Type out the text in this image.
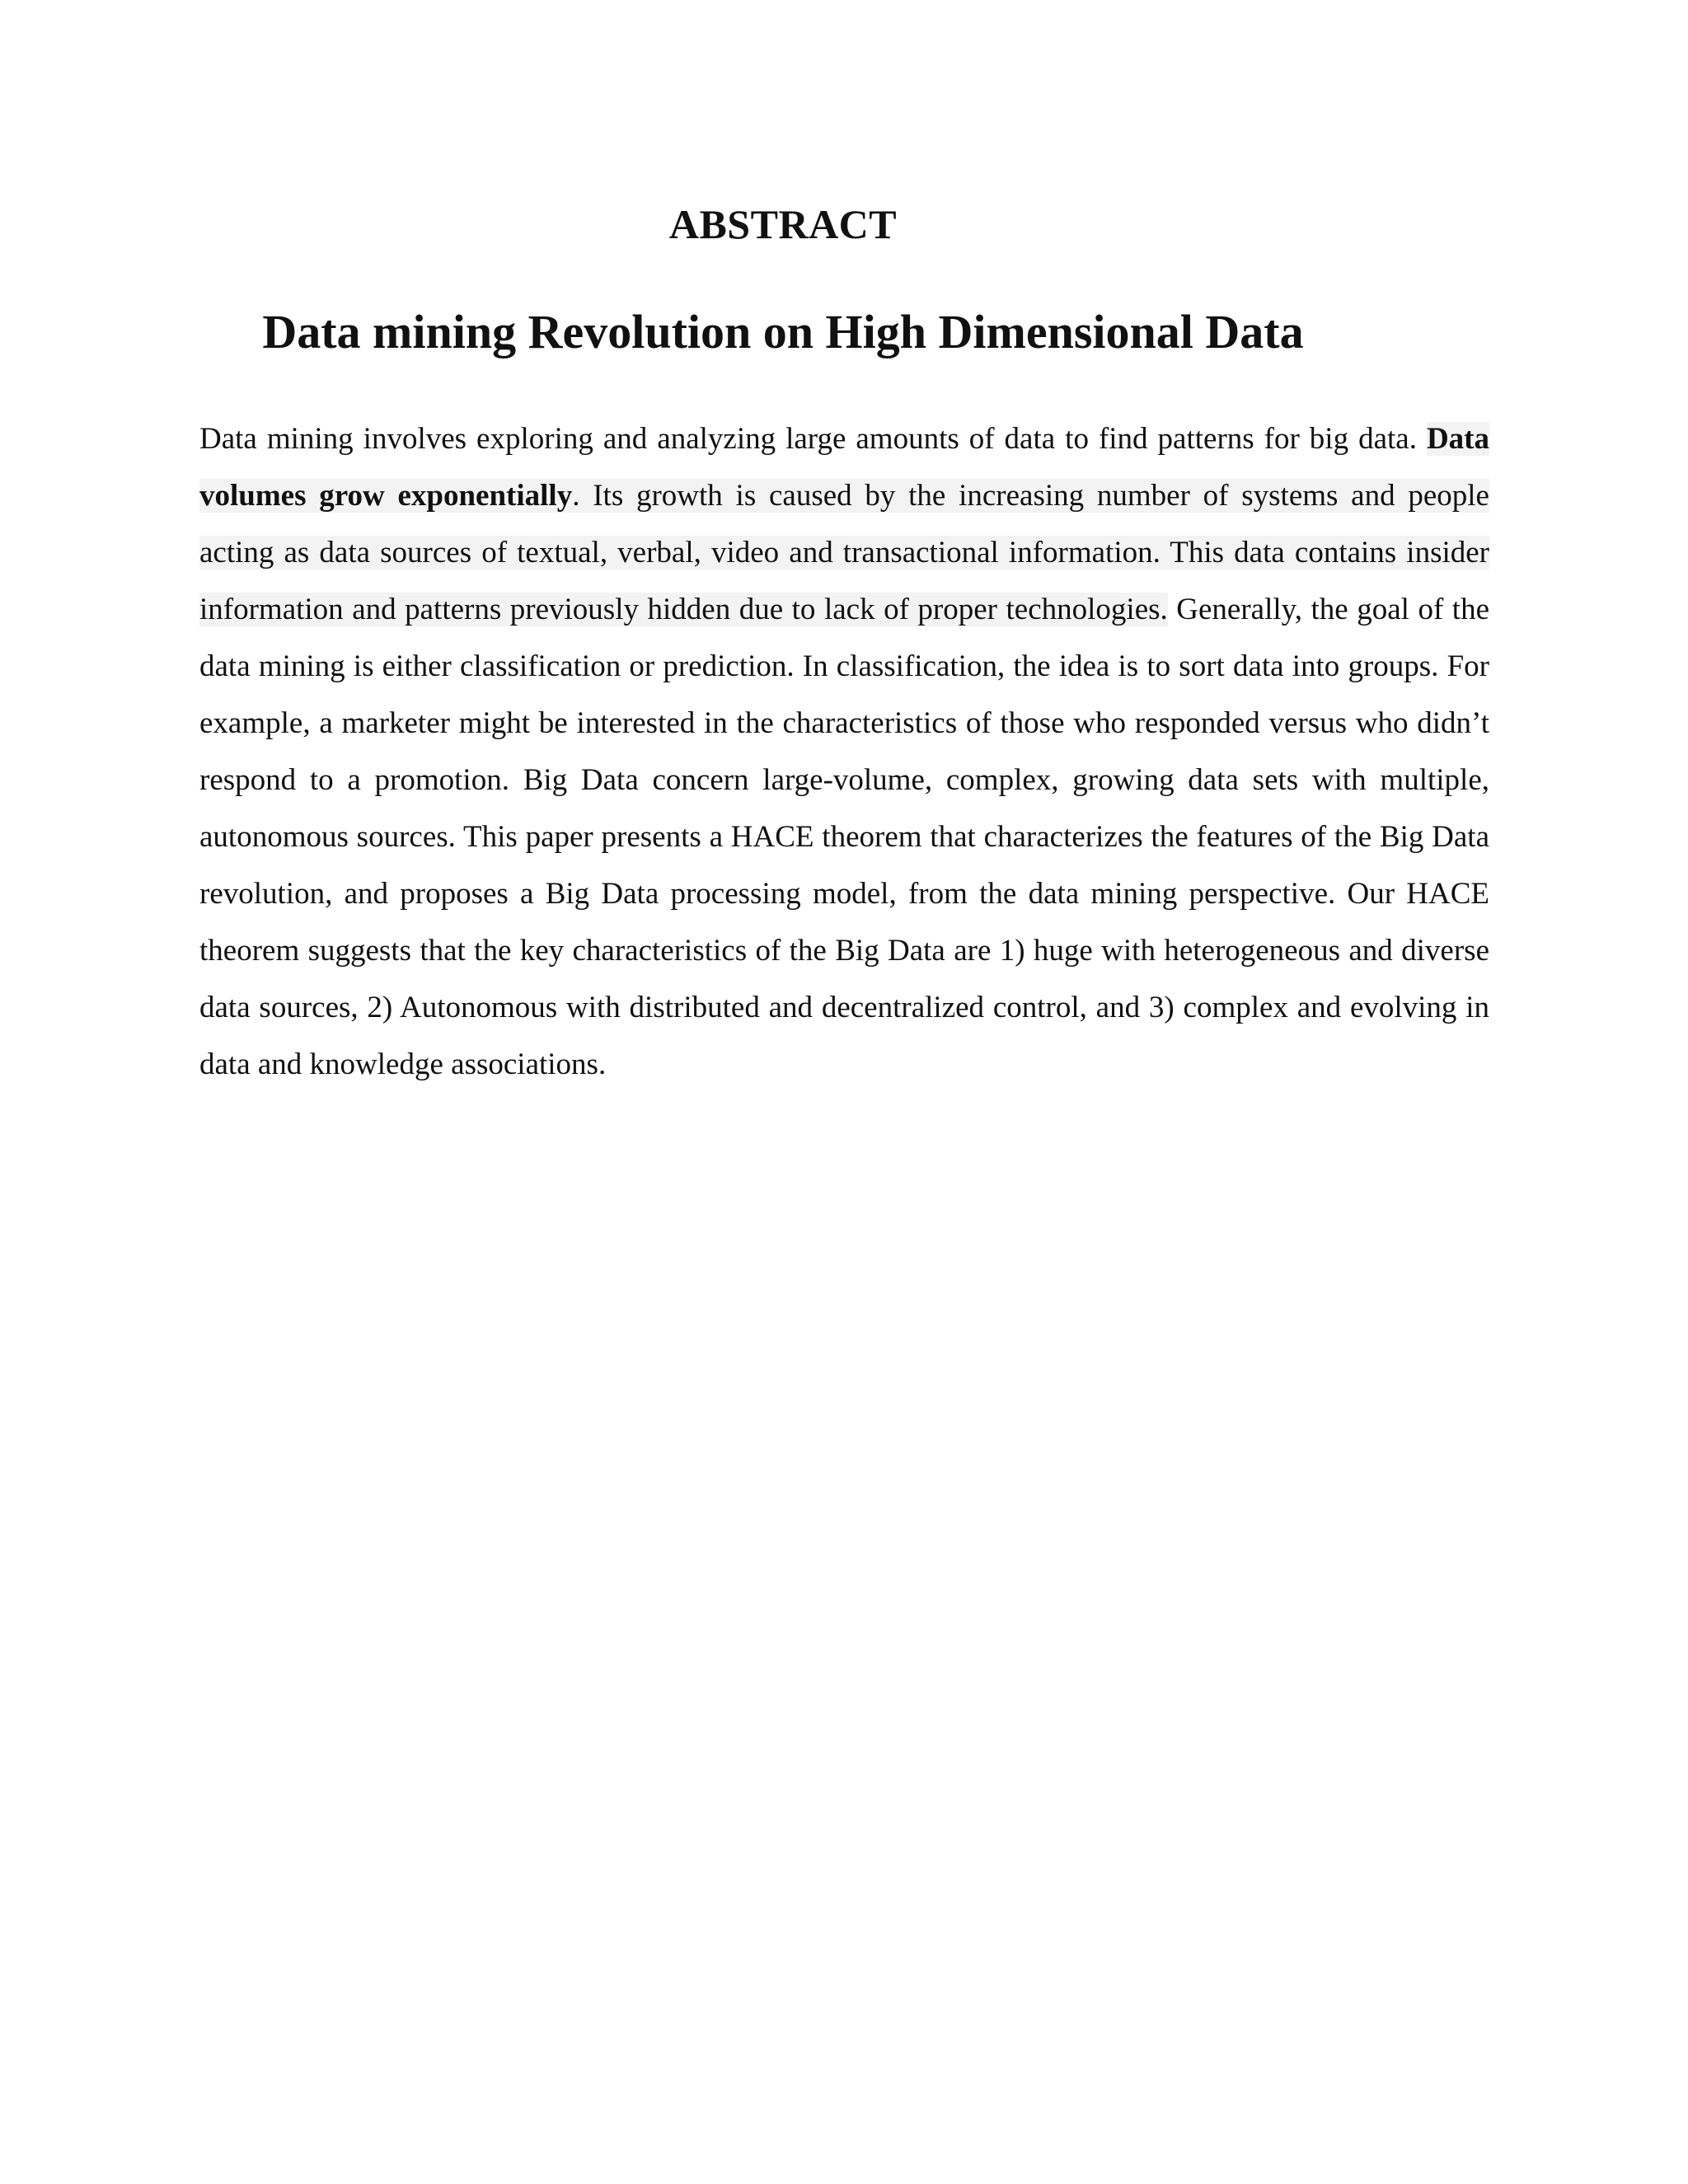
ABSTRACT
Data mining Revolution on High Dimensional Data

Data mining involves exploring and analyzing large amounts of data to find patterns for big data. Data volumes grow exponentially. Its growth is caused by the increasing number of systems and people acting as data sources of textual, verbal, video and transactional information. This data contains insider information and patterns previously hidden due to lack of proper technologies. Generally, the goal of the data mining is either classification or prediction. In classification, the idea is to sort data into groups. For example, a marketer might be interested in the characteristics of those who responded versus who didn’t respond to a promotion. Big Data concern large-volume, complex, growing data sets with multiple, autonomous sources. This paper presents a HACE theorem that characterizes the features of the Big Data revolution, and proposes a Big Data processing model, from the data mining perspective. Our HACE theorem suggests that the key characteristics of the Big Data are 1) huge with heterogeneous and diverse data sources, 2) Autonomous with distributed and decentralized control, and 3) complex and evolving in data and knowledge associations.
